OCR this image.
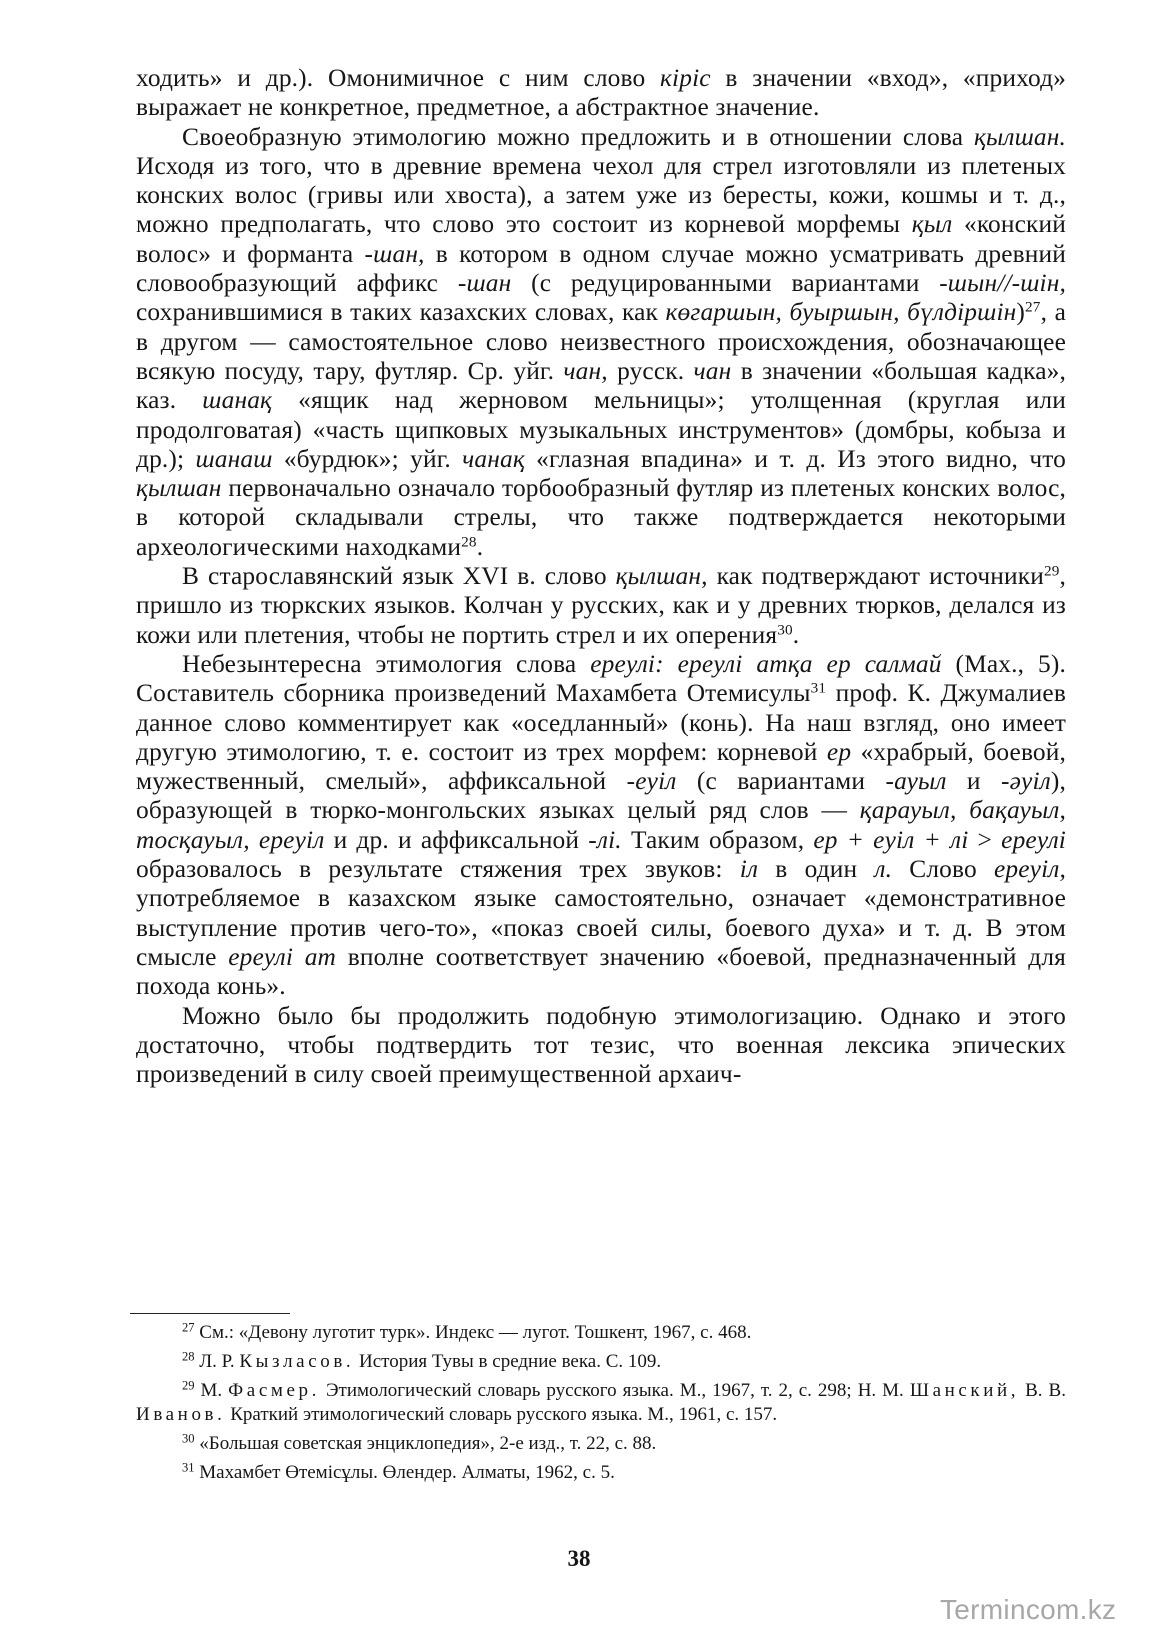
ходить» и др.). Омонимичное с ним слово кіріс в значении «вход», «приход» выражает не конкретное, предметное, а абстрактное значение.

Своеобразную этимологию можно предложить и в отношении слова қылшан. Исходя из того, что в древние времена чехол для стрел изготовляли из плетеных конских волос (гривы или хвоста), а затем уже из бересты, кожи, кошмы и т. д., можно предполагать, что слово это состоит из корневой морфемы қыл «конский волос» и форманта -шан, в котором в одном случае можно усматривать древний словообразующий аффикс -шан (с редуцированными вариантами -шын//-шін, сохранившимися в таких казахских словах, как көгаршын, буыршын, бүлдіршін)$^{27}$, а в другом — самостоятельное слово неизвестного происхождения, обозначающее всякую посуду, тару, футляр. Ср. уйг. чан, русск. чан в значении «большая кадка», каз. шанақ «ящик над жерновом мельницы»; утолщенная (круглая или продолговатая) «часть щипковых музыкальных инструментов» (домбры, кобыза и др.); шанаш «бурдюк»; уйг. чанақ «глазная впадина» и т. д. Из этого видно, что қылшан первоначально означало торбообразный футляр из плетеных конских волос, в которой складывали стрелы, что также подтверждается некоторыми археологическими находками$^{28}$.

В старославянский язык XVI в. слово қылшан, как подтверждают источники$^{29}$, пришло из тюркских языков. Колчан у русских, как и у древних тюрков, делался из кожи или плетения, чтобы не портить стрел и их оперения$^{30}$.

Небезынтересна этимология слова ереулі: ереулі атқа ер салмай (Мах., 5). Составитель сборника произведений Махамбета Отемисулы$^{31}$ проф. К. Джумалиев данное слово комментирует как «оседланный» (конь). На наш взгляд, оно имеет другую этимологию, т. е. состоит из трех морфем: корневой ер «храбрый, боевой, мужественный, смелый», аффиксальной -еуіл (с вариантами -ауыл и -әуіл), образующей в тюрко-монгольских языках целый ряд слов — қарауыл, бақауыл, тосқауыл, ереуіл и др. и аффиксальной -лі. Таким образом, ер + еуіл + лі > ереулі образовалось в результате стяжения трех звуков: іл в один л. Слово ереуіл, употребляемое в казахском языке самостоятельно, означает «демонстративное выступление против чего-то», «показ своей силы, боевого духа» и т. д. В этом смысле ереулі ат вполне соответствует значению «боевой, предназначенный для похода конь».

Можно было бы продолжить подобную этимологизацию. Однако и этого достаточно, чтобы подтвердить тот тезис, что военная лексика эпических произведений в силу своей преимущественной архаич-

$^{27}$ См.: «Девону луготит турк». Индекс — лугот. Тошкент, 1967, с. 468.

$^{28}$ Л. Р. Кызласов. История Тувы в средние века. С. 109.

$^{29}$ М. Фасмер. Этимологический словарь русского языка. М., 1967, т. 2, с. 298; Н. М. Шанский, В. В. Иванов. Краткий этимологический словарь русского языка. М., 1961, с. 157.

$^{30}$ «Большая советская энциклопедия», 2-е изд., т. 22, с. 88.

$^{31}$ Махамбет Өтемісұлы. Өлендер. Алматы, 1962, с. 5.

38
Termincom.kz
